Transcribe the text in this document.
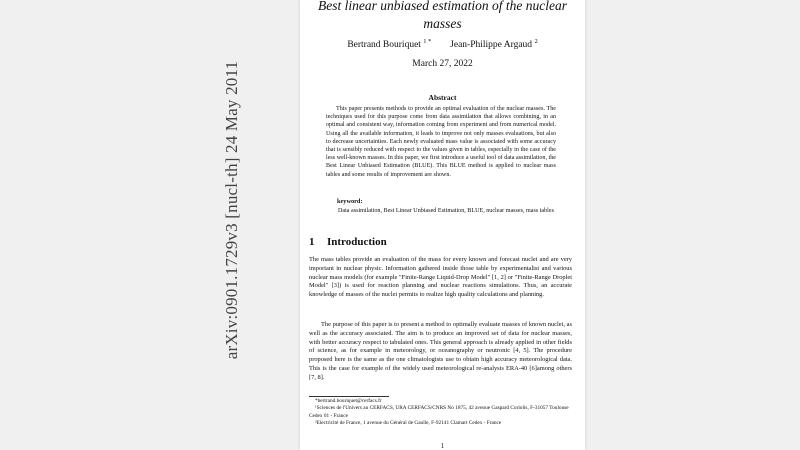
arXiv:0901.1729v3 [nucl-th] 24 May 2011
Best linear unbiased estimation of the nuclear masses
Bertrand Bouriquet $^{1 *}$ Jean-Philippe Argaud $^2$
March 27, 2022
Abstract

This paper presents methods to provide an optimal evaluation of the nuclear masses. The techniques used for this purpose come from data assimilation that allows combining, in an optimal and consistent way, information coming from experiment and from numerical model. Using all the available information, it leads to improve not only masses evaluations, but also to decrease uncertainties. Each newly evaluated mass value is associated with some accuracy that is sensibly reduced with respect to the values given in tables, especially in the case of the less well-known masses. In this paper, we first introduce a useful tool of data assimilation, the Best Linear Unbiased Estimation (BLUE). This BLUE method is applied to nuclear mass tables and some results of improvement are shown.

keyword:

Data assimilation, Best Linear Unbiased Estimation, BLUE, nuclear masses, mass tables

1 Introduction

The mass tables provide an evaluation of the mass for every known and forecast nuclei and are very important in nuclear physic. Information gathered inside those table by experimentalist and various nuclear mass models (for example "Finite-Range Liquid-Drop Model" [1, 2] or "Finite-Range Droplet Model" [3]) is used for reaction planning and nuclear reactions simulations. Thus, an accurate knowledge of masses of the nuclei permits to realize high quality calculations and planning.

The purpose of this paper is to present a method to optimally evaluate masses of known nuclei, as well as the accuracy associated. The aim is to produce an improved set of data for nuclear masses, with better accuracy respect to tabulated ones. This general approach is already applied in other fields of science, as for example in meteorology, or oceanography or neutronic [4, 5]. The procedure proposed here is the same as the one climatologists use to obtain high accuracy meteorological data. This is the case for example of the widely used meteorological re-analysis ERA-40 [6]among others [7, 8].

*bertrand.bouriquet@cerfacs.fr

¹Sciences de l'Univers au CERFACS, URA CERFACS/CNRS No 1875, 42 avenue Gaspard Coriolis, F-31057 Toulouse Cedex 01 - France

²Electricité de France, 1 avenue du Général de Gaulle, F-92141 Clamart Cedex - France

1
